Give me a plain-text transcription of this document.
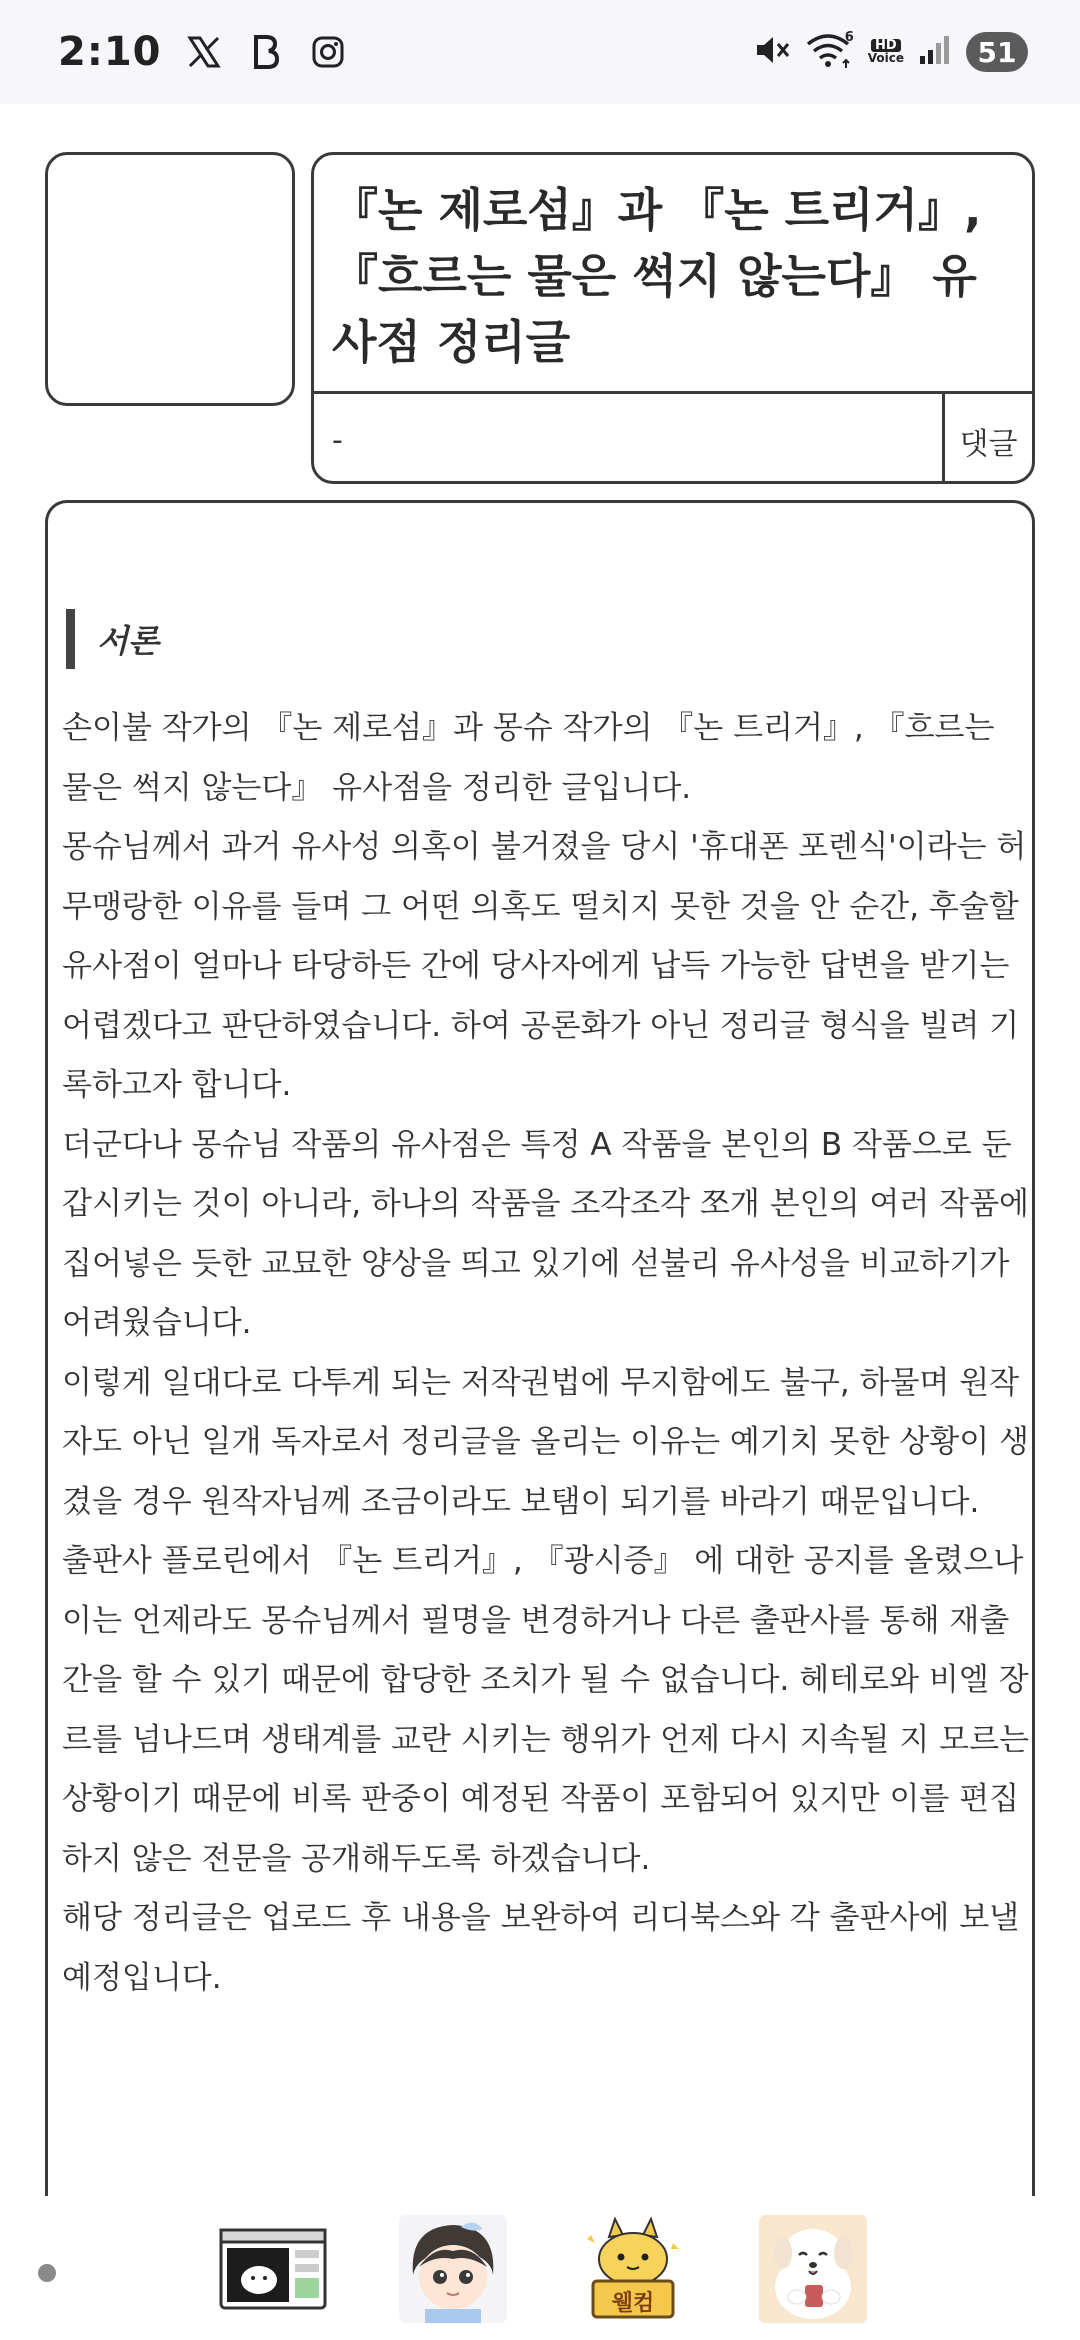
2:10	6
HD
Voice	51
『논 제로섬』과 『논 트리거』, 『흐르는 물은 썩지 않는다』 유사점 정리글
-	댓글
서론
손이불 작가의 『논 제로섬』과 몽슈 작가의 『논 트리거』, 『흐르는 물은 썩지 않는다』 유사점을 정리한 글입니다.
몽슈님께서 과거 유사성 의혹이 불거졌을 당시 '휴대폰 포렌식'이라는 허무맹랑한 이유를 들며 그 어떤 의혹도 떨치지 못한 것을 안 순간, 후술할 유사점이 얼마나 타당하든 간에 당사자에게 납득 가능한 답변을 받기는 어렵겠다고 판단하였습니다. 하여 공론화가 아닌 정리글 형식을 빌려 기록하고자 합니다.
더군다나 몽슈님 작품의 유사점은 특정 A 작품을 본인의 B 작품으로 둔갑시키는 것이 아니라, 하나의 작품을 조각조각 쪼개 본인의 여러 작품에 집어넣은 듯한 교묘한 양상을 띄고 있기에 섣불리 유사성을 비교하기가 어려웠습니다.
이렇게 일대다로 다투게 되는 저작권법에 무지함에도 불구, 하물며 원작자도 아닌 일개 독자로서 정리글을 올리는 이유는 예기치 못한 상황이 생겼을 경우 원작자님께 조금이라도 보탬이 되기를 바라기 때문입니다.
출판사 플로린에서 『논 트리거』, 『광시증』 에 대한 공지를 올렸으나 이는 언제라도 몽슈님께서 필명을 변경하거나 다른 출판사를 통해 재출간을 할 수 있기 때문에 합당한 조치가 될 수 없습니다. 헤테로와 비엘 장르를 넘나드며 생태계를 교란 시키는 행위가 언제 다시 지속될 지 모르는 상황이기 때문에 비록 판중이 예정된 작품이 포함되어 있지만 이를 편집하지 않은 전문을 공개해두도록 하겠습니다.
해당 정리글은 업로드 후 내용을 보완하여 리디북스와 각 출판사에 보낼 예정입니다.
웰컴
